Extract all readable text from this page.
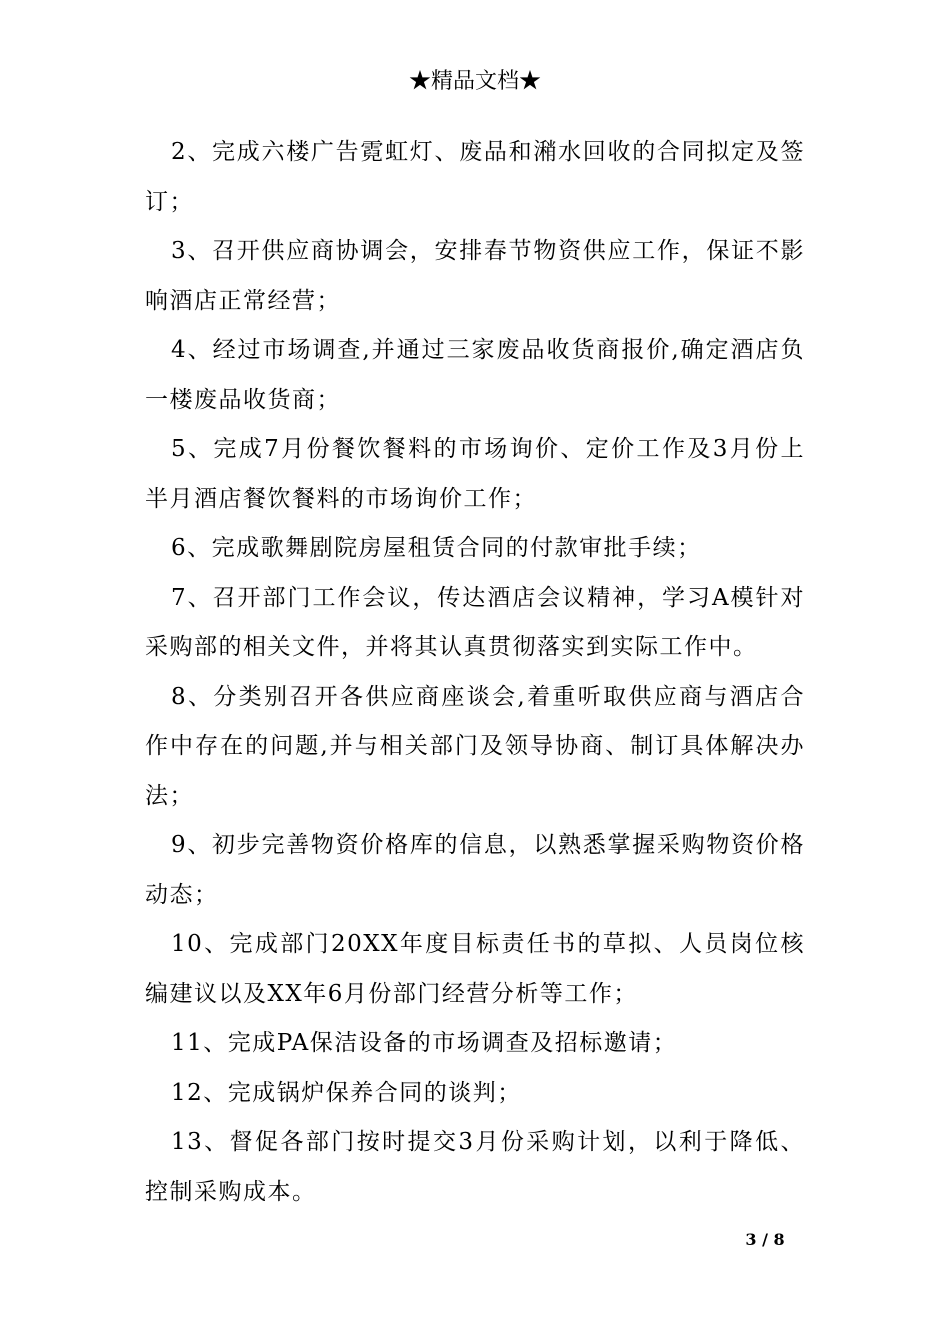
★精品文档★

2、完成六楼广告霓虹灯、废品和潲水回收的合同拟定及签订；

3、召开供应商协调会，安排春节物资供应工作，保证不影响酒店正常经营；

4、经过市场调查,并通过三家废品收货商报价,确定酒店负一楼废品收货商；

5、完成7月份餐饮餐料的市场询价、定价工作及3月份上半月酒店餐饮餐料的市场询价工作；

6、完成歌舞剧院房屋租赁合同的付款审批手续；

7、召开部门工作会议，传达酒店会议精神，学习A模针对采购部的相关文件，并将其认真贯彻落实到实际工作中。

8、分类别召开各供应商座谈会,着重听取供应商与酒店合作中存在的问题,并与相关部门及领导协商、制订具体解决办法；

9、初步完善物资价格库的信息，以熟悉掌握采购物资价格动态；

10、完成部门20XX年度目标责任书的草拟、人员岗位核编建议以及XX年6月份部门经营分析等工作；

11、完成PA保洁设备的市场调查及招标邀请；

12、完成锅炉保养合同的谈判；

13、督促各部门按时提交3月份采购计划，以利于降低、控制采购成本。

3 / 8
